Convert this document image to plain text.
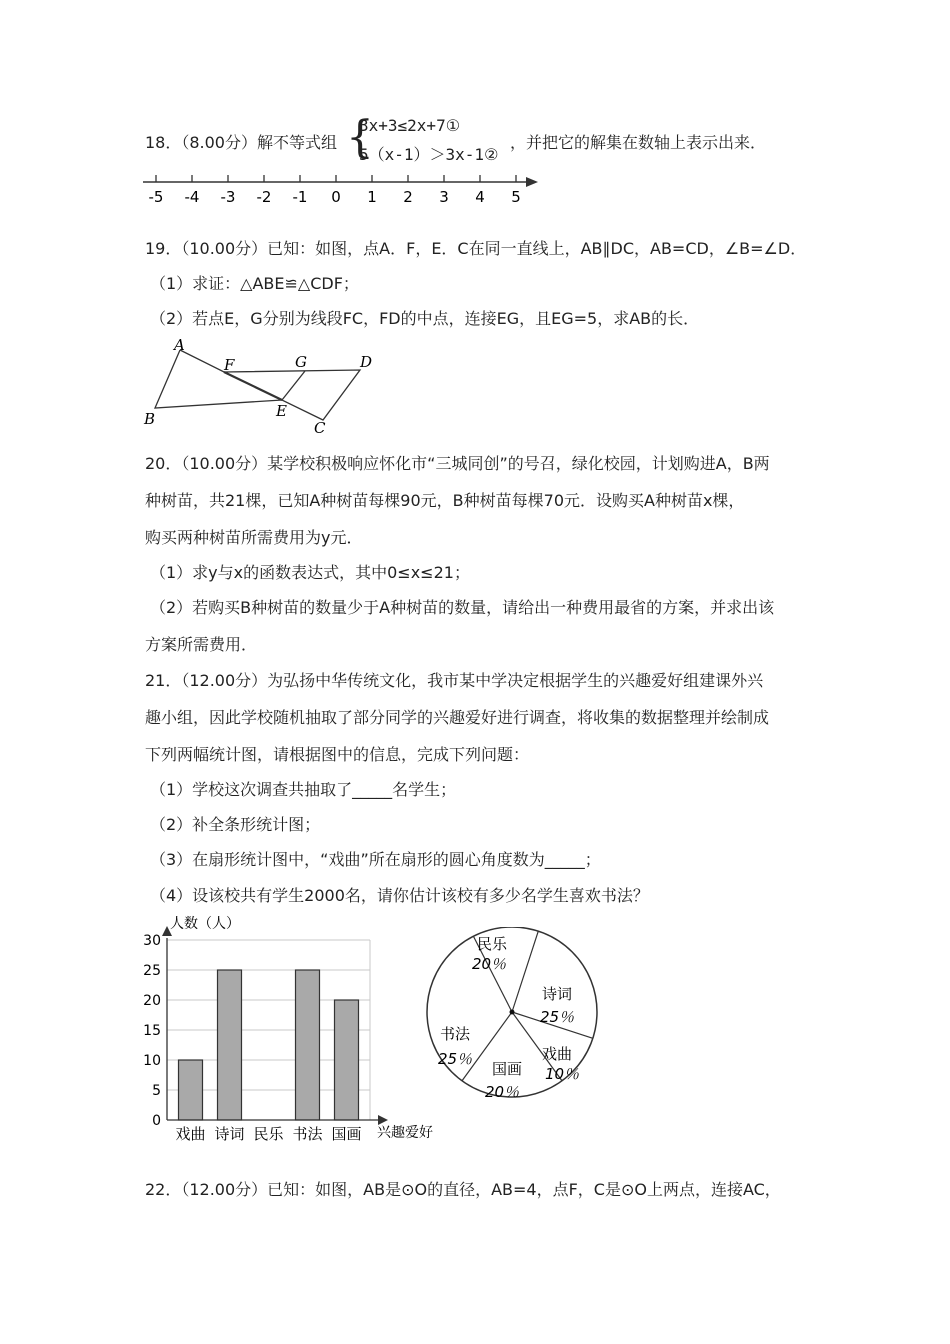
18．（8.00分）解不等式组 {
3x+3≤2x+7①
5（x-1）＞3x-1②
，并把它的解集在数轴上表示出来．
-5 -4 -3 -2 -1 0 1 2 3 4 5
19．（10.00分）已知：如图，点A．F，E．C在同一直线上，AB∥DC，AB=CD，∠B=∠D．
（1）求证：△ABE≌△CDF；
（2）若点E，G分别为线段FC，FD的中点，连接EG，且EG=5，求AB的长．
A
B	C
D
E
F	G
20．（10.00分）某学校积极响应怀化市“三城同创”的号召，绿化校园，计划购进A，B两
种树苗，共21棵，已知A种树苗每棵90元，B种树苗每棵70元．设购买A种树苗x棵，
购买两种树苗所需费用为y元．
（1）求y与x的函数表达式，其中0≤x≤21；
（2）若购买B种树苗的数量少于A种树苗的数量，请给出一种费用最省的方案，并求出该
方案所需费用．
21．（12.00分）为弘扬中华传统文化，我市某中学决定根据学生的兴趣爱好组建课外兴
趣小组，因此学校随机抽取了部分同学的兴趣爱好进行调查，将收集的数据整理并绘制成
下列两幅统计图，请根据图中的信息，完成下列问题：
（1）学校这次调查共抽取了_____名学生；
（2）补全条形统计图；
（3）在扇形统计图中，“戏曲”所在扇形的圆心角度数为_____；
（4）设该校共有学生2000名，请你估计该校有多少名学生喜欢书法？
戏曲 诗词 民乐 书法 国画
0
5
10
15
20
25
30
人数（人）
兴趣爱好
民乐
20％
诗词
25％
戏曲
10％
国画
20％
书法
25％
22．（12.00分）已知：如图，AB是⊙O的直径，AB=4，点F，C是⊙O上两点，连接AC，
